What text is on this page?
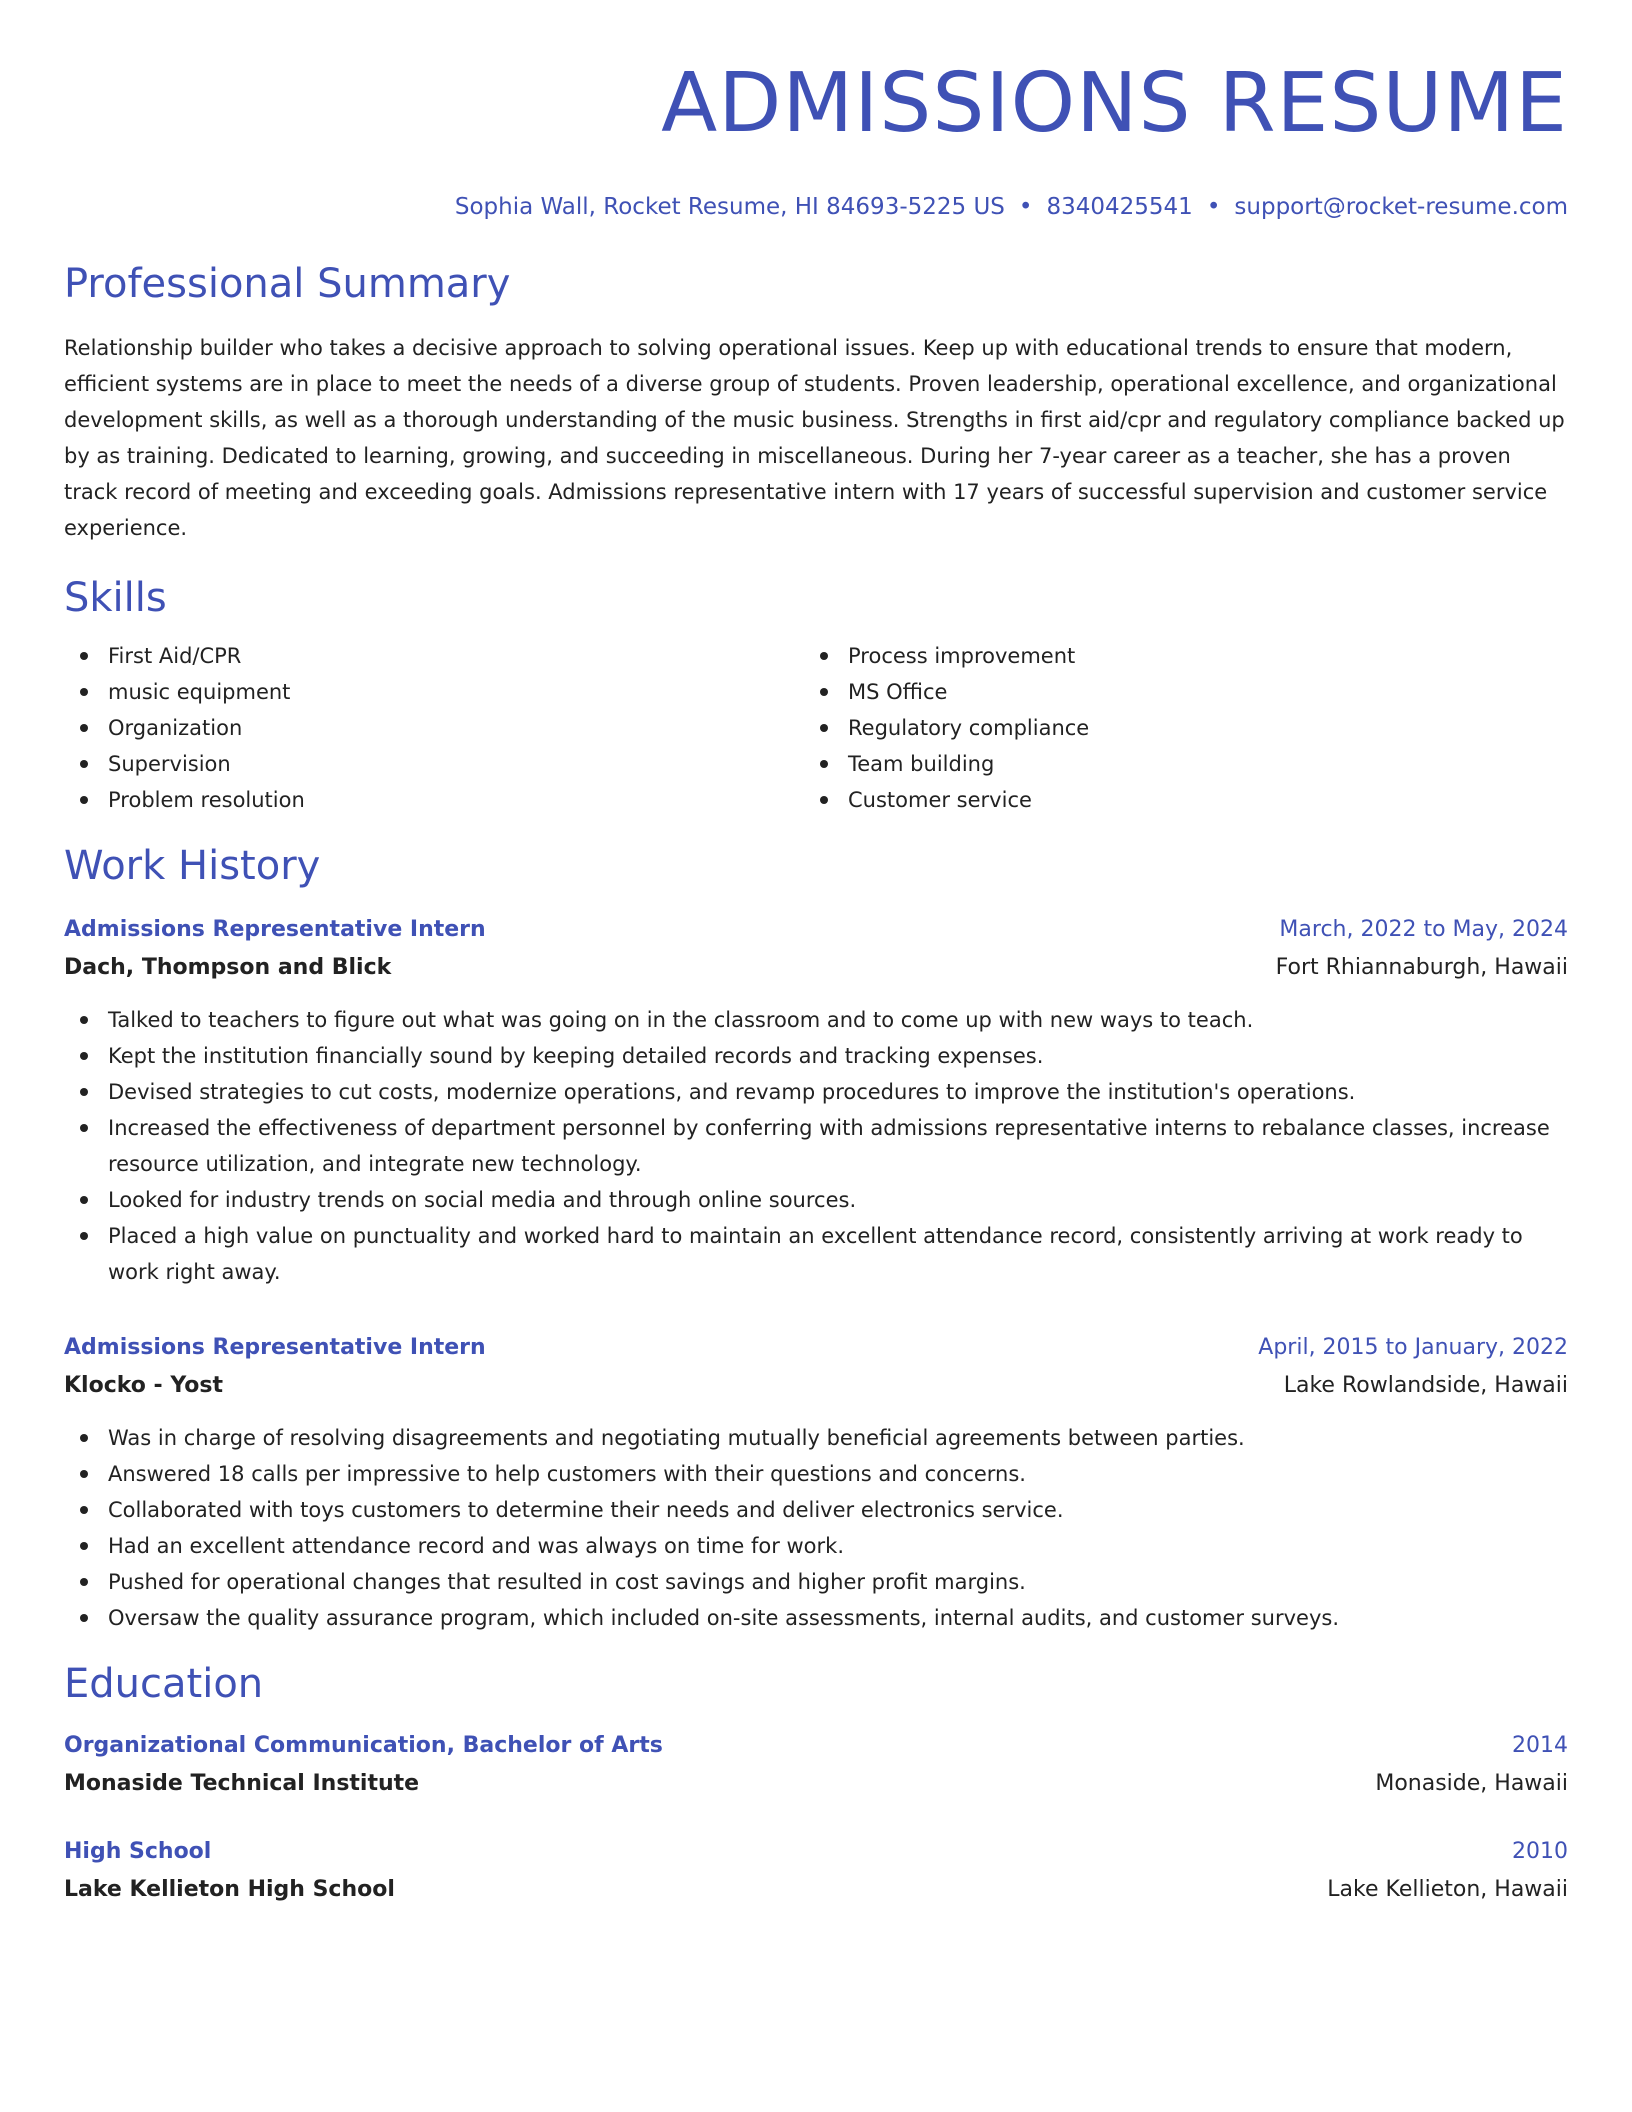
ADMISSIONS RESUME
Sophia Wall, Rocket Resume, HI 84693-5225 US • 8340425541 • support@rocket-resume.com
Professional Summary
Relationship builder who takes a decisive approach to solving operational issues. Keep up with educational trends to ensure that modern, efficient systems are in place to meet the needs of a diverse group of students. Proven leadership, operational excellence, and organizational development skills, as well as a thorough understanding of the music business. Strengths in first aid/cpr and regulatory compliance backed up by as training. Dedicated to learning, growing, and succeeding in miscellaneous. During her 7-year career as a teacher, she has a proven track record of meeting and exceeding goals. Admissions representative intern with 17 years of successful supervision and customer service experience.
Skills
First Aid/CPR
music equipment
Organization
Supervision
Problem resolution
Process improvement
MS Office
Regulatory compliance
Team building
Customer service
Work History
Admissions Representative Intern	March, 2022 to May, 2024
Dach, Thompson and Blick	Fort Rhiannaburgh, Hawaii
Talked to teachers to figure out what was going on in the classroom and to come up with new ways to teach.
Kept the institution financially sound by keeping detailed records and tracking expenses.
Devised strategies to cut costs, modernize operations, and revamp procedures to improve the institution's operations.
Increased the effectiveness of department personnel by conferring with admissions representative interns to rebalance classes, increase resource utilization, and integrate new technology.
Looked for industry trends on social media and through online sources.
Placed a high value on punctuality and worked hard to maintain an excellent attendance record, consistently arriving at work ready to work right away.
Admissions Representative Intern	April, 2015 to January, 2022
Klocko - Yost	Lake Rowlandside, Hawaii
Was in charge of resolving disagreements and negotiating mutually beneficial agreements between parties.
Answered 18 calls per impressive to help customers with their questions and concerns.
Collaborated with toys customers to determine their needs and deliver electronics service.
Had an excellent attendance record and was always on time for work.
Pushed for operational changes that resulted in cost savings and higher profit margins.
Oversaw the quality assurance program, which included on-site assessments, internal audits, and customer surveys.
Education
Organizational Communication, Bachelor of Arts	2014
Monaside Technical Institute	Monaside, Hawaii
High School	2010
Lake Kellieton High School	Lake Kellieton, Hawaii
